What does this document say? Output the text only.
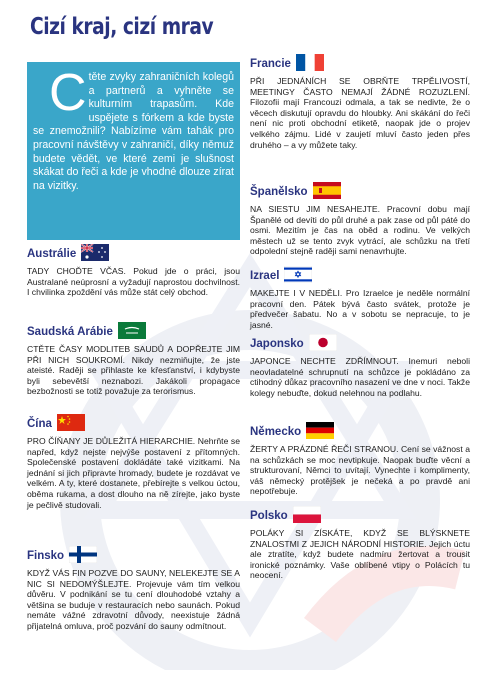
Cizí kraj, cizí mrav

Ctěte zvyky zahraničních kolegů a partnerů a vyhněte se kulturním trapasům. Kde uspějete s fórkem a kde byste se znemožnili? Nabízíme vám tahák pro pracovní návštěvy v zahraničí, díky němuž budete vědět, ve které zemi je slušnost skákat do řeči a kde je vhodné dlouze zírat na vizitky.

Austrálie

TADY CHOĎTE VČAS. Pokud jde o práci, jsou Australané neúprosní a vyžadují naprostou dochvilnost. I chvilinka zpoždění vás může stát celý obchod.

Saudská Arábie

CTĚTE ČASY MODLITEB SAUDŮ A DOPŘEJTE JIM PŘI NICH SOUKROMÍ. Nikdy nezmiňujte, že jste ateisté. Raději se přihlaste ke křesťanství, i kdybyste byli sebevětší neznabozi. Jakákoli propagace bezbožnosti se totiž považuje za terorismus.

Čína

PRO ČÍŇANY JE DŮLEŽITÁ HIERARCHIE. Nehrňte se napřed, když nejste nejvýše postavení z přítomných. Společenské postavení dokládáte také vizitkami. Na jednání si jich připravte hromady, budete je rozdávat ve velkém. A ty, které dostanete, přebírejte s velkou úctou, oběma rukama, a dost dlouho na ně zírejte, jako byste je pečlivě studovali.

Finsko

KDYŽ VÁS FIN POZVE DO SAUNY, NELEKEJTE SE A NIC SI NEDOMÝŠLEJTE. Projevuje vám tím velkou důvěru. V podnikání se tu cení dlouhodobé vztahy a většina se buduje v restauracích nebo saunách. Pokud nemáte vážné zdravotní důvody, neexistuje žádná přijatelná omluva, proč pozvání do sauny odmítnout.

Francie

PŘI JEDNÁNÍCH SE OBRŇTE TRPĚLIVOSTÍ, MEETINGY ČASTO NEMAJÍ ŽÁDNÉ ROZUZLENÍ. Filozofii mají Francouzi odmala, a tak se nedivte, že o věcech diskutují opravdu do hloubky. Ani skákání do řeči není nic proti obchodní etiketě, naopak jde o projev velkého zájmu. Lidé v zaujetí mluví často jeden přes druhého – a vy můžete taky.

Španělsko

NA SIESTU JIM NESAHEJTE. Pracovní dobu mají Španělé od devíti do půl druhé a pak zase od půl páté do osmi. Mezitím je čas na oběd a rodinu. Ve velkých městech už se tento zvyk vytrácí, ale schůzku na třetí odpolední stejně raději sami nenavrhujte.

Izrael

MAKEJTE I V NEDĚLI. Pro Izraelce je neděle normální pracovní den. Pátek bývá často svátek, protože je předvečer šabatu. No a v sobotu se nepracuje, to je jasné.

Japonsko

JAPONCE NECHTE ZDŘÍMNOUT. Inemuri neboli neovladatelné schrupnutí na schůzce je pokládáno za ctihodný důkaz pracovního nasazení ve dne v noci. Takže kolegy nebuďte, dokud nelehnou na podlahu.

Německo

ŽERTY A PRÁZDNÉ ŘEČI STRANOU. Cení se vážnost a na schůzkách se moc nevtipkuje. Naopak buďte věcní a strukturovaní, Němci to uvítají. Vynechte i komplimenty, váš německý protějšek je nečeká a po pravdě ani nepotřebuje.

Polsko

POLÁKY SI ZÍSKÁTE, KDYŽ SE BLÝSKNETE ZNALOSTMI Z JEJICH NÁRODNÍ HISTORIE. Jejich úctu ale ztratíte, když budete nadmíru žertovat a trousit ironické poznámky. Vaše oblíbené vtipy o Polácích tu neocení.
